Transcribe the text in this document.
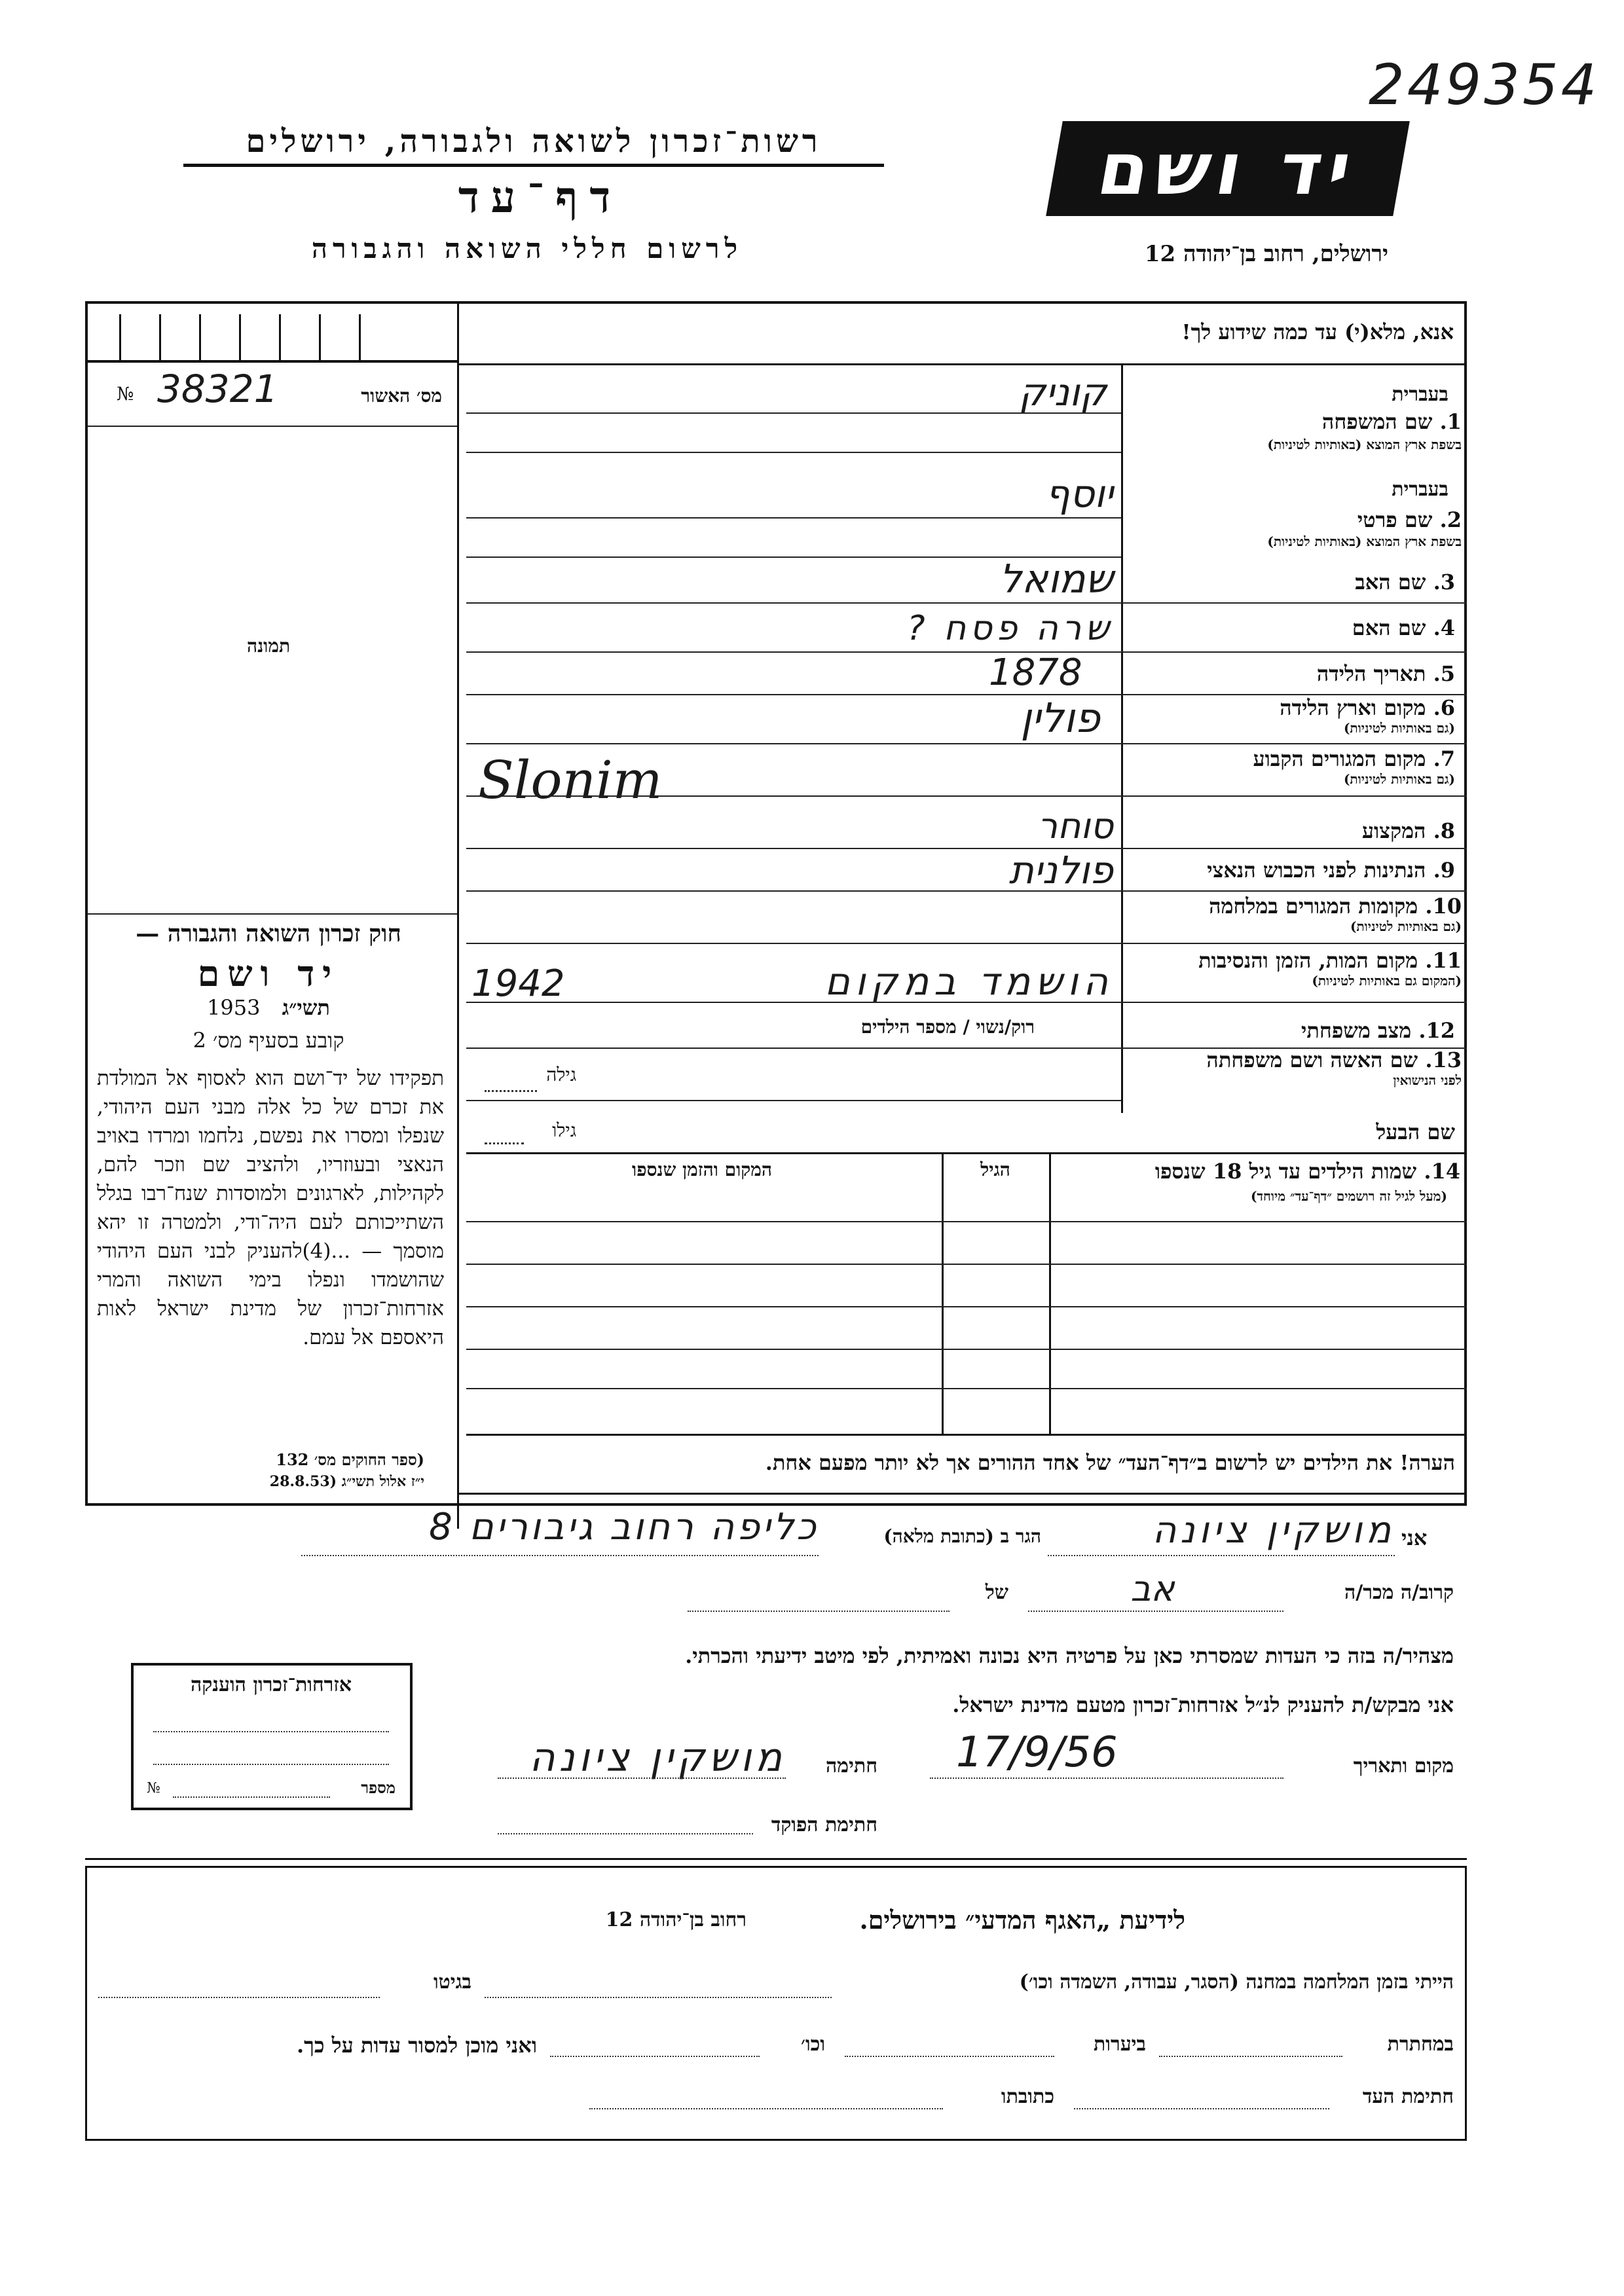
249354
רשות־זכרון לשואה ולגבורה, ירושלים
דף־עד
לרשום חללי השואה והגבורה
יד ושם
ירושלים, רחוב בן־יהודה 12
№ 38321	מס׳ האשור
תמונה
חוק זכרון השואה והגבורה —
יד ושם
תשי״ג 1953
קובע בסעיף מס׳ 2
תפקידו של יד־ושם הוא לאסוף אל המולדת את זכרם של כל אלה מבני העם היהודי, שנפלו ומסרו את נפשם, נלחמו ומרדו באויב הנאצי ובעוזריו, ולהציב שם וזכר להם, לקהילות, לארגונים ולמוסדות שנח־רבו בגלל השתייכותם לעם היה־ודי, ולמטרה זו יהא מוסמך — ...(4)להעניק לבני העם היהודי שהושמדו ונפלו בימי השואה והמרי אזרחות־זכרון של מדינת ישראל לאות היאספם אל עמם.
(ספר החוקים מס׳ 132
י״ז אלול תשי״ג (28.8.53
אנא, מלא(י) עד כמה שידוע לך!
בעברית
1. שם המשפחה
בשפת ארץ המוצא (באותיות לטיניות)
קוניק
בעברית
2. שם פרטי
בשפת ארץ המוצא (באותיות לטיניות)
יוסף
3. שם האב
שמואל
4. שם האם
שרה פסח ?
5. תאריך הלידה
1878
6. מקום וארץ הלידה
(גם באותיות לטיניות)
פולין
7. מקום המגורים הקבוע
(גם באותיות לטיניות)
Slonim
8. המקצוע
סוחר
9. הנתינות לפני הכבוש הנאצי
פולנית
10. מקומות המגורים במלחמה
(גם באותיות לטיניות)
11. מקום המות, הזמן והנסיבות
(המקום גם באותיות לטיניות)
הושמד במקום
1942
12. מצב משפחתי
רוק/נשוי / מספר הילדים
13. שם האשה ושם משפחתה
לפני הנישואין
גילה
שם הבעל
גילו
14. שמות הילדים עד גיל 18 שנספו
(מעל לגיל זה רושמים ״דף־עד״ מיוחד)
הגיל
המקום והזמן שנספו
הערה! את הילדים יש לרשום ב״דף־העד״ של אחד ההורים אך לא יותר מפעם אחת.
אני
מושקין ציונה
הגר ב (כתובת מלאה)
כליפה רחוב גיבורים 8
קרוב/ה מכר/ה
אב
של
מצהיר/ה בזה כי העדות שמסרתי כאן על פרטיה היא נכונה ואמיתית, לפי מיטב ידיעתי והכרתי.
אני מבקש/ת להעניק לנ״ל אזרחות־זכרון מטעם מדינת ישראל.
מקום ותאריך
17/9/56
חתימה
מושקין ציונה
חתימת הפוקד
אזרחות־זכרון הוענקה
№	מספר
לידיעת „האגף המדעי״ בירושלים.
רחוב בן־יהודה 12
הייתי בזמן המלחמה במחנה (הסגר, עבודה, השמדה וכו׳)
בגיטו
במחתרת
ביערות
וכו׳
ואני מוכן למסור עדות על כך.
חתימת העד
כתובתו
